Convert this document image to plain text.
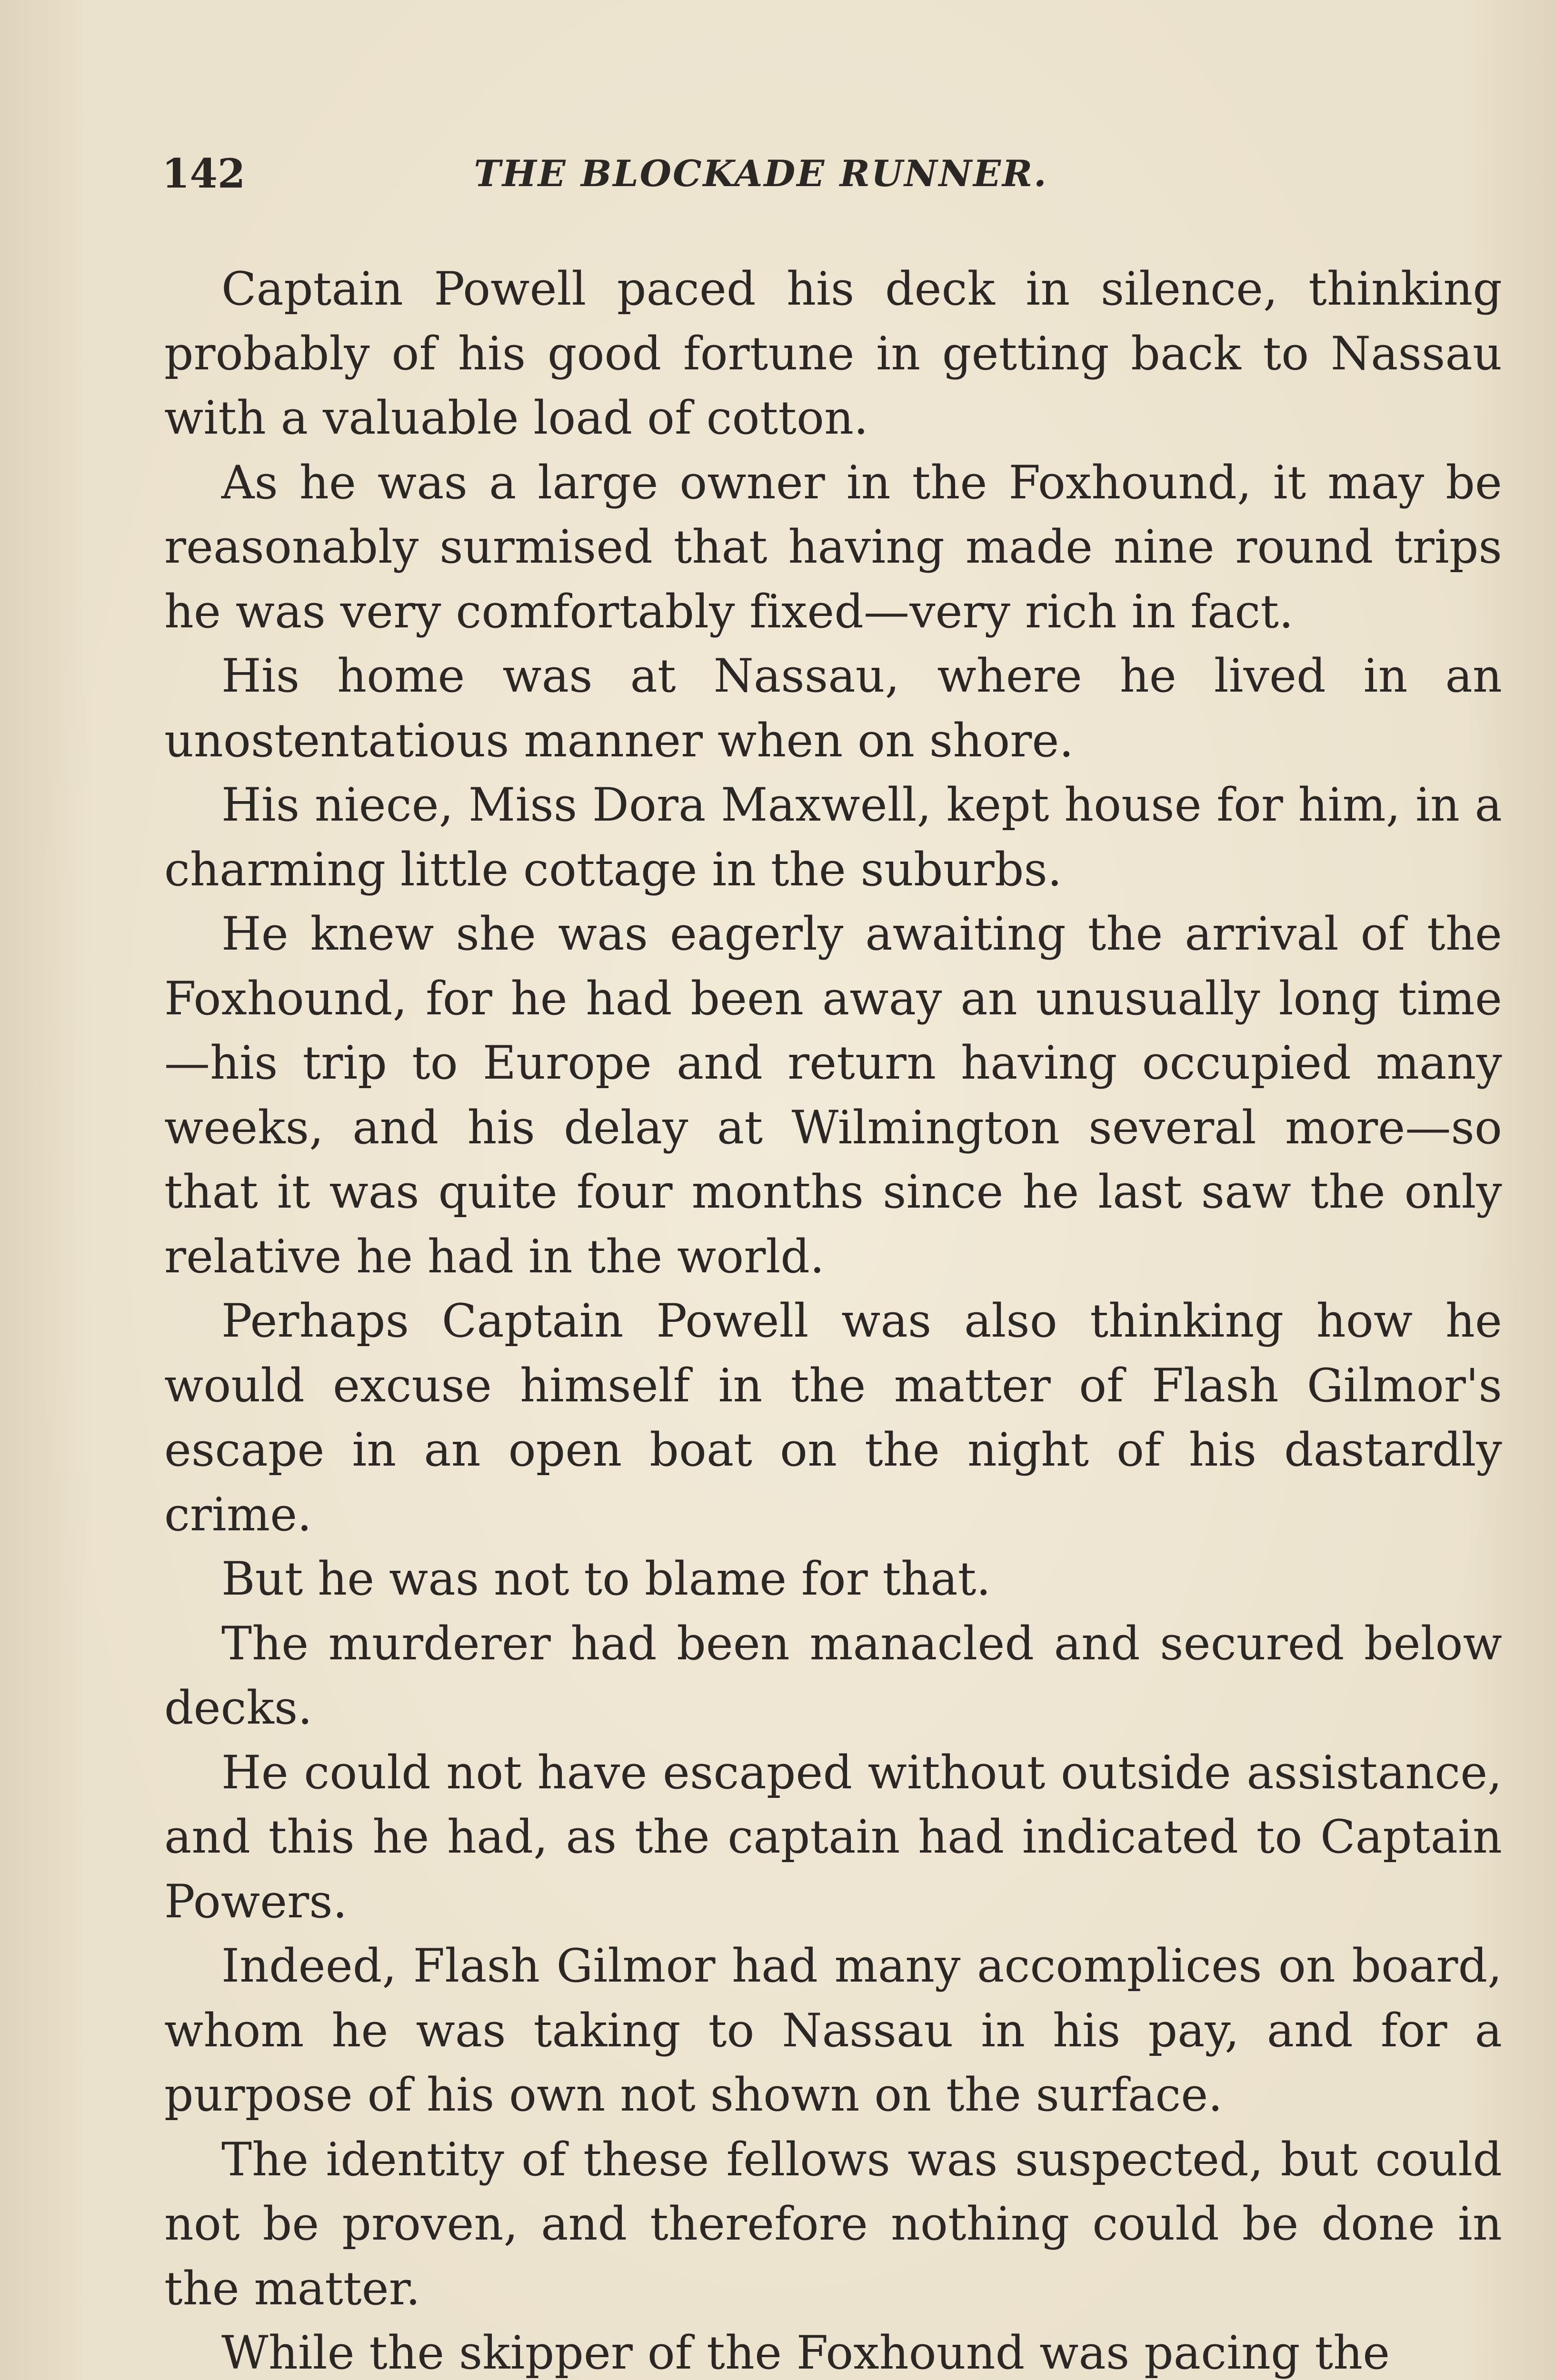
142	THE BLOCKADE RUNNER.

Captain Powell paced his deck in silence, thinking probably of his good fortune in getting back to Nassau with a valuable load of cotton.

As he was a large owner in the Foxhound, it may be reasonably surmised that having made nine round trips he was very comfortably fixed—very rich in fact.

His home was at Nassau, where he lived in an unostentatious manner when on shore.

His niece, Miss Dora Maxwell, kept house for him, in a charming little cottage in the suburbs.

He knew she was eagerly awaiting the arrival of the Foxhound, for he had been away an unusually long time—his trip to Europe and return having occupied many weeks, and his delay at Wilmington several more—so that it was quite four months since he last saw the only relative he had in the world.

Perhaps Captain Powell was also thinking how he would excuse himself in the matter of Flash Gilmor's escape in an open boat on the night of his dastardly crime.

But he was not to blame for that.

The murderer had been manacled and secured below decks.

He could not have escaped without outside assistance, and this he had, as the captain had indicated to Captain Powers.

Indeed, Flash Gilmor had many accomplices on board, whom he was taking to Nassau in his pay, and for a purpose of his own not shown on the surface.

The identity of these fellows was suspected, but could not be proven, and therefore nothing could be done in the matter.

While the skipper of the Foxhound was pacing the
